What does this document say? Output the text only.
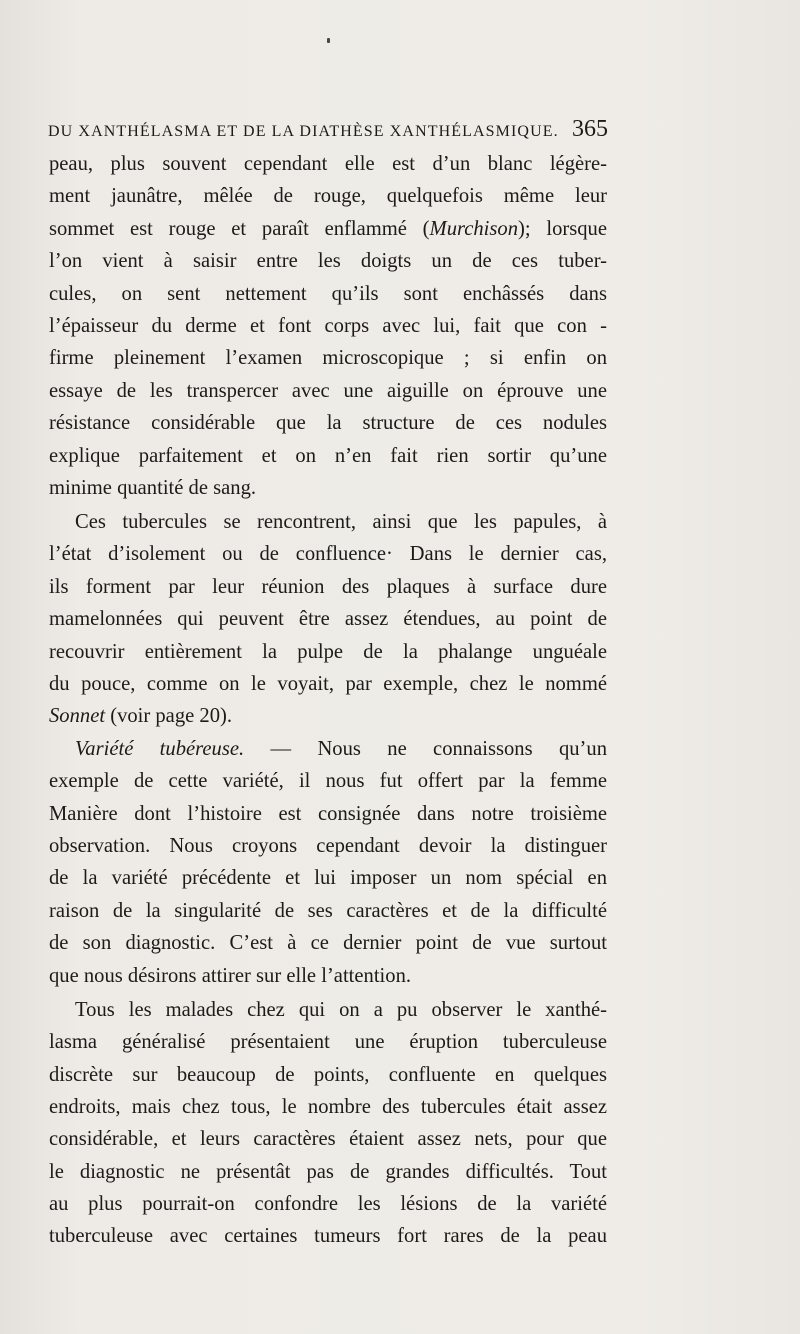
DU XANTHÉLASMA ET DE LA DIATHÈSE XANTHÉLASMIQUE. 365
peau, plus souvent cependant elle est d’un blanc légère-
ment jaunâtre, mêlée de rouge, quelquefois même leur
sommet est rouge et paraît enflammé (Murchison); lorsque
l’on vient à saisir entre les doigts un de ces tuber-
cules, on sent nettement qu’ils sont enchâssés dans
l’épaisseur du derme et font corps avec lui, fait que con -
firme pleinement l’examen microscopique ; si enfin on
essaye de les transpercer avec une aiguille on éprouve une
résistance considérable que la structure de ces nodules
explique parfaitement et on n’en fait rien sortir qu’une
minime quantité de sang.
Ces tubercules se rencontrent, ainsi que les papules, à
l’état d’isolement ou de confluence· Dans le dernier cas,
ils forment par leur réunion des plaques à surface dure
mamelonnées qui peuvent être assez étendues, au point de
recouvrir entièrement la pulpe de la phalange unguéale
du pouce, comme on le voyait, par exemple, chez le nommé
Sonnet (voir page 20).
Variété tubéreuse. — Nous ne connaissons qu’un
exemple de cette variété, il nous fut offert par la femme
Manière dont l’histoire est consignée dans notre troisième
observation. Nous croyons cependant devoir la distinguer
de la variété précédente et lui imposer un nom spécial en
raison de la singularité de ses caractères et de la difficulté
de son diagnostic. C’est à ce dernier point de vue surtout
que nous désirons attirer sur elle l’attention.
Tous les malades chez qui on a pu observer le xanthé-
lasma généralisé présentaient une éruption tuberculeuse
discrète sur beaucoup de points, confluente en quelques
endroits, mais chez tous, le nombre des tubercules était assez
considérable, et leurs caractères étaient assez nets, pour que
le diagnostic ne présentât pas de grandes difficultés. Tout
au plus pourrait-on confondre les lésions de la variété
tuberculeuse avec certaines tumeurs fort rares de la peau
